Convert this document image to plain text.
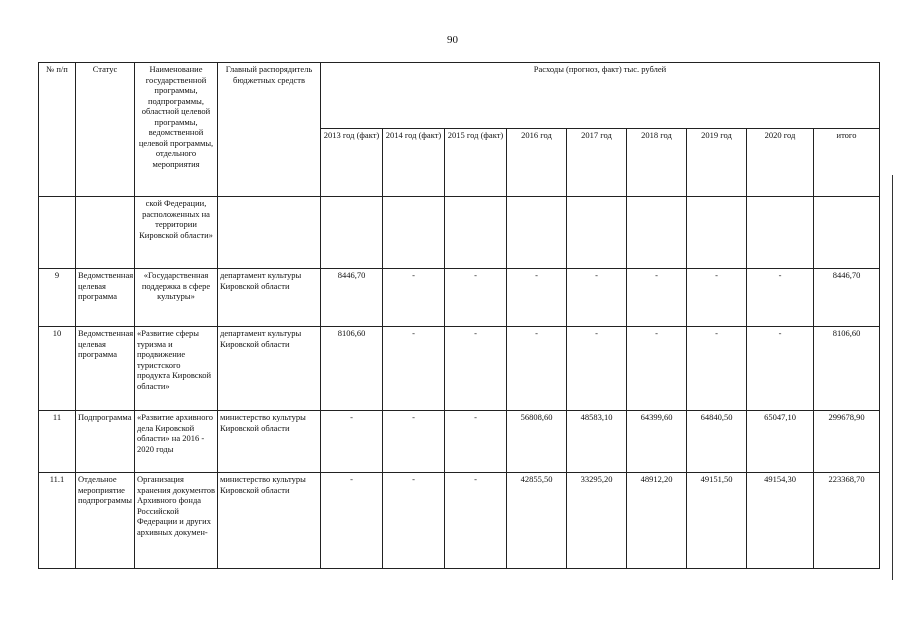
90
№ п/п	Статус	Наименование государственной программы, подпрограммы, областной целевой программы, ведомственной целевой программы, отдельного мероприятия	Главный распорядитель бюджетных средств	Расходы (прогноз, факт) тыс. рублей								
				2013 год (факт)	2014 год (факт)	2015 год (факт)	2016 год	2017 год	2018 год	2019 год	2020 год	итого
		ской Федерации, расположенных на территории Кировской области»										
9	Ведомственная целевая программа	«Государственная поддержка в сфере культуры»	департамент культуры Кировской области	8446,70	-	-	-	-	-	-	-	8446,70
10	Ведомственная целевая программа	«Развитие сферы туризма и продвижение туристского продукта Кировской области»	департамент культуры Кировской области	8106,60	-	-	-	-	-	-	-	8106,60
11	Подпрограмма	«Развитие архивного дела Кировской области» на 2016 - 2020 годы	министерство культуры Кировской области	-	-	-	56808,60	48583,10	64399,60	64840,50	65047,10	299678,90
11.1	Отдельное мероприятие подпрограммы	Организация хранения документов Архивного фонда Российской Федерации и других архивных докумен-	министерство культуры Кировской области	-	-	-	42855,50	33295,20	48912,20	49151,50	49154,30	223368,70
